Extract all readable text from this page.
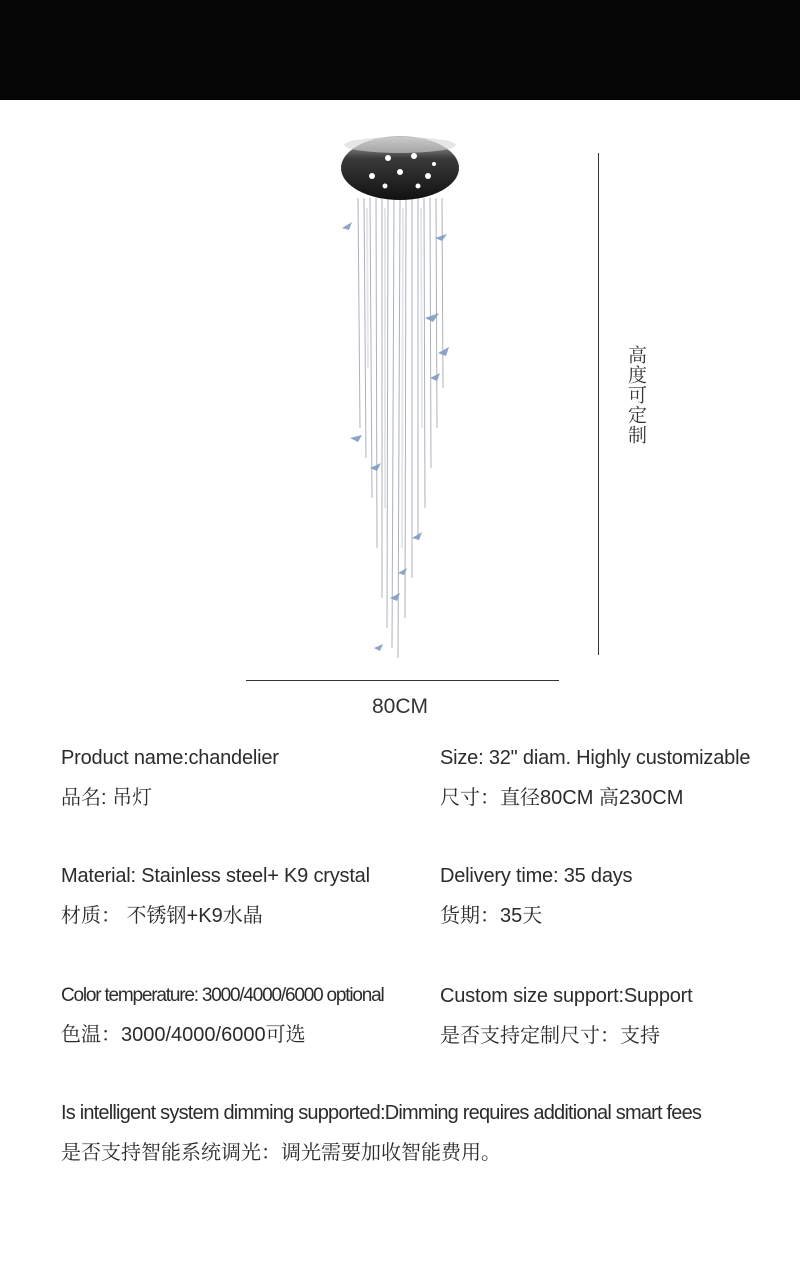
高度可定制
80CM
Product name:chandelier
品名: 吊灯
Size: 32" diam. Highly customizable
尺寸：直径80CM 高230CM
Material: Stainless steel+ K9 crystal
材质： 不锈钢+K9水晶
Delivery time: 35 days
货期：35天
Color temperature: 3000/4000/6000 optional
色温：3000/4000/6000可选
Custom size support:Support
是否支持定制尺寸：支持
Is intelligent system dimming supported:Dimming requires additional smart fees
是否支持智能系统调光：调光需要加收智能费用。
